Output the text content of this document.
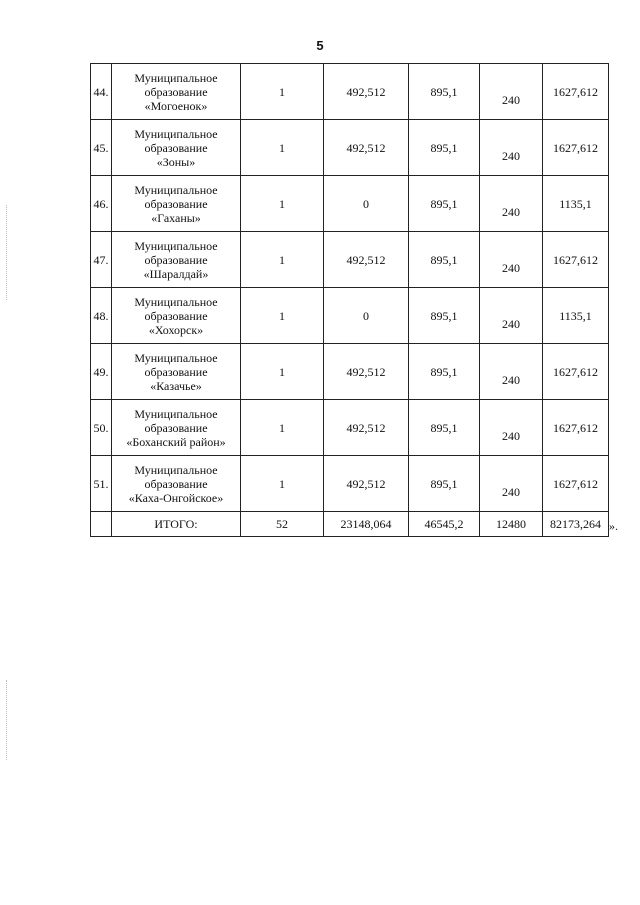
5
44.	Муниципальное
образование
«Могоенок»	1	492,512	895,1	240	1627,612
45.	Муниципальное
образование
«Зоны»	1	492,512	895,1	240	1627,612
46.	Муниципальное
образование
«Гаханы»	1	0	895,1	240	1135,1
47.	Муниципальное
образование
«Шаралдай»	1	492,512	895,1	240	1627,612
48.	Муниципальное
образование
«Хохорск»	1	0	895,1	240	1135,1
49.	Муниципальное
образование
«Казачье»	1	492,512	895,1	240	1627,612
50.	Муниципальное
образование
«Боханский район»	1	492,512	895,1	240	1627,612
51.	Муниципальное
образование
«Каха-Онгойское»	1	492,512	895,1	240	1627,612
	ИТОГО:	52	23148,064	46545,2	12480	82173,264 ».
